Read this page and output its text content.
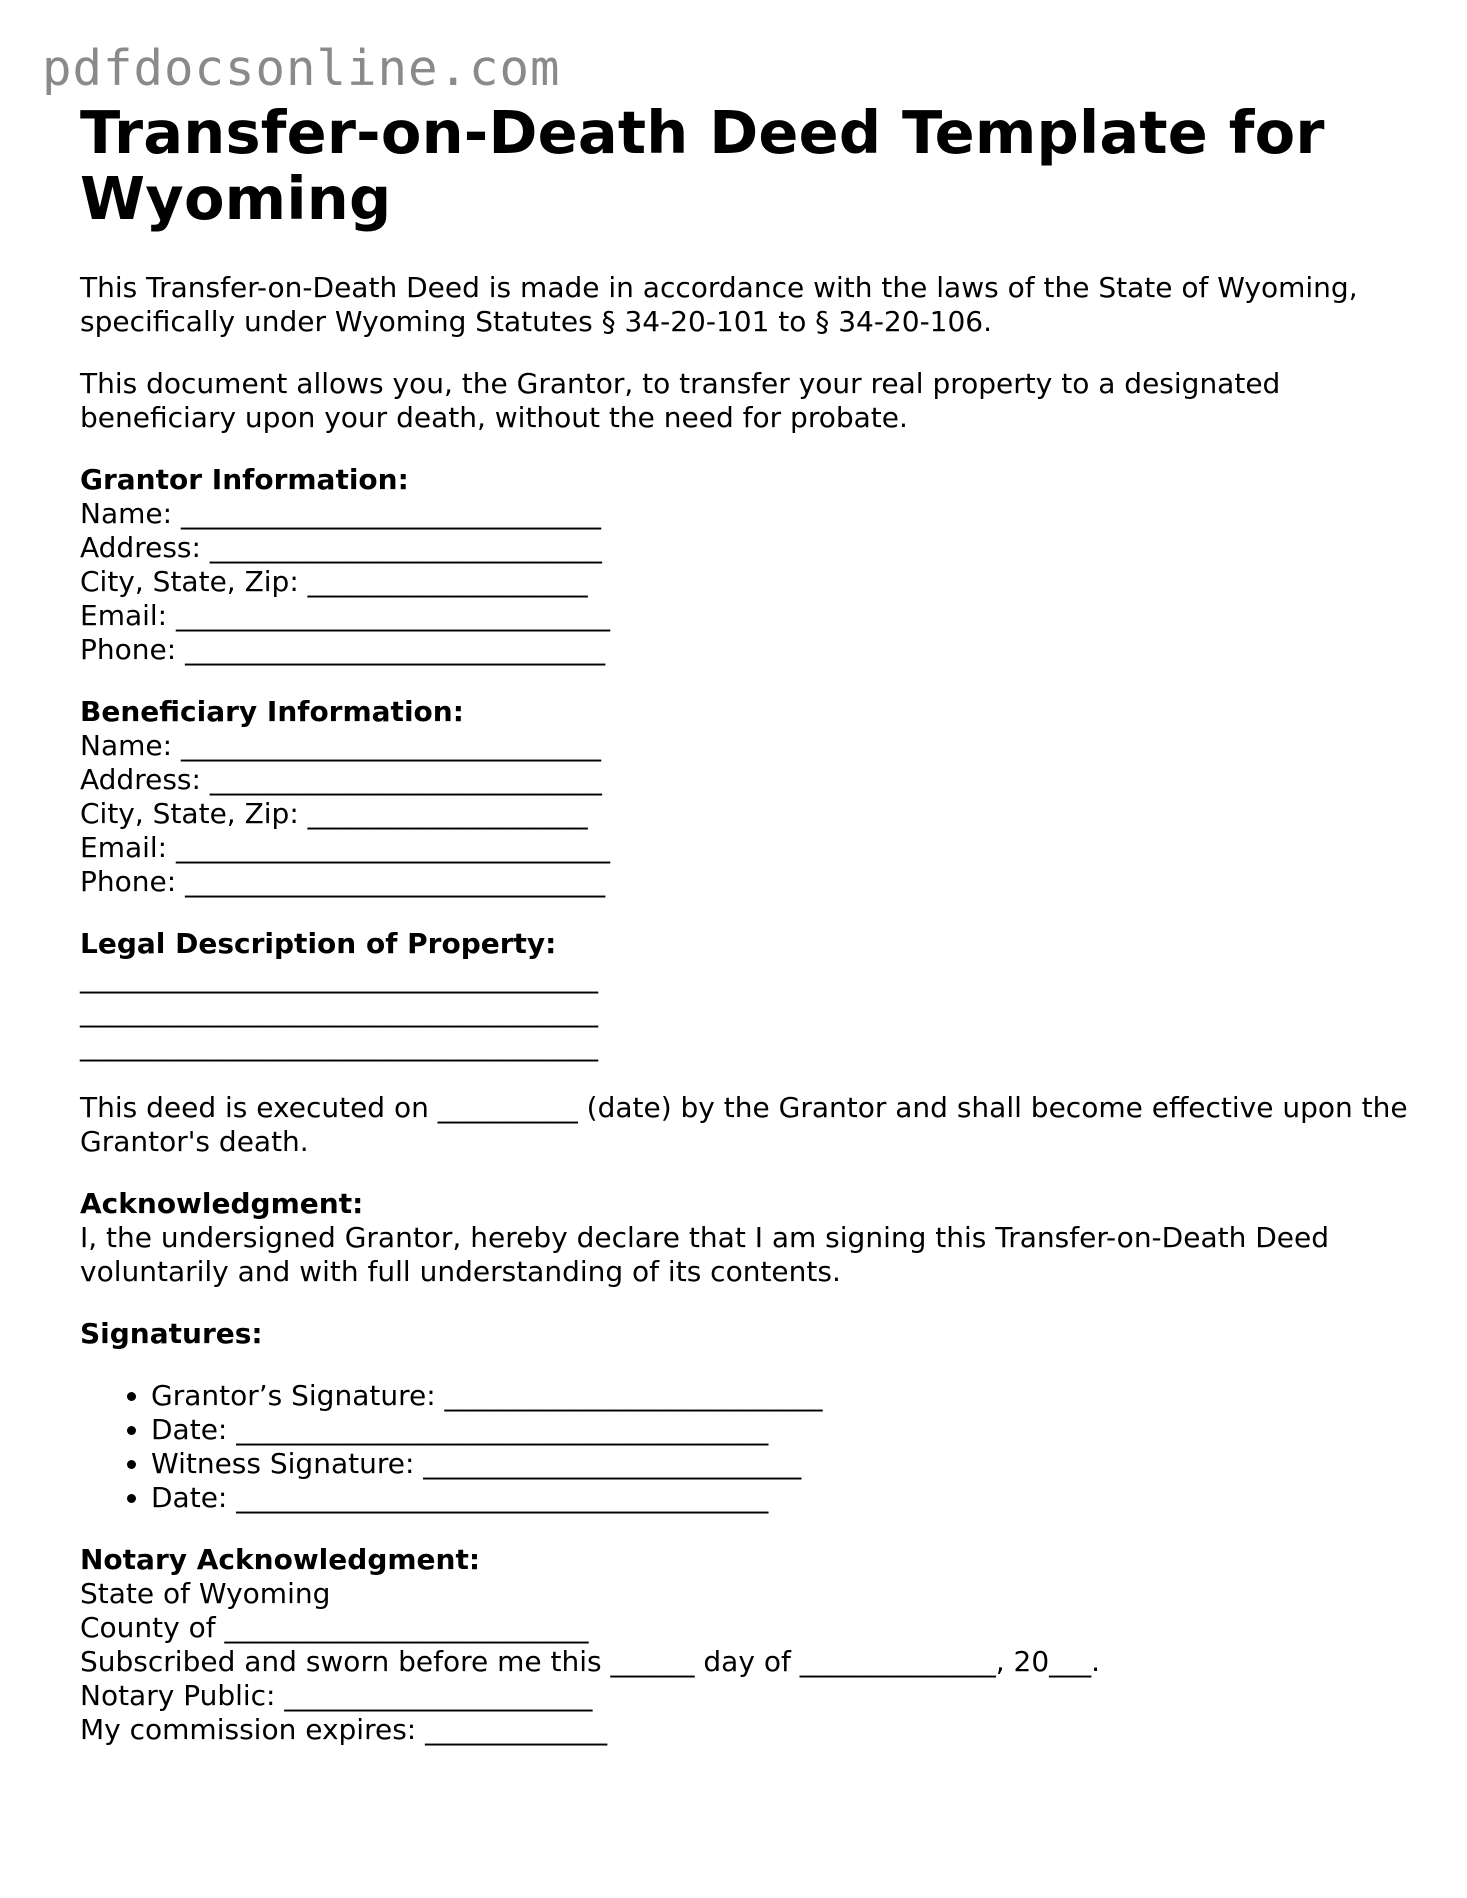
pdfdocsonline.com
Transfer-on-Death Deed Template for Wyoming

This Transfer-on-Death Deed is made in accordance with the laws of the State of Wyoming, specifically under Wyoming Statutes § 34-20-101 to § 34-20-106.

This document allows you, the Grantor, to transfer your real property to a designated beneficiary upon your death, without the need for probate.

Grantor Information:
Name: ______________________________
Address: ____________________________
City, State, Zip: ____________________
Email: _______________________________
Phone: ______________________________
Beneficiary Information:
Name: ______________________________
Address: ____________________________
City, State, Zip: ____________________
Email: _______________________________
Phone: ______________________________
Legal Description of Property:
_____________________________________
_____________________________________
_____________________________________

This deed is executed on __________ (date) by the Grantor and shall become effective upon the Grantor's death.

Acknowledgment:
I, the undersigned Grantor, hereby declare that I am signing this Transfer-on-Death Deed voluntarily and with full understanding of its contents.
Signatures:
• Grantor’s Signature: ___________________________
• Date: ______________________________________
• Witness Signature: ___________________________
• Date: ______________________________________
Notary Acknowledgment:
State of Wyoming
County of __________________________
Subscribed and sworn before me this ______ day of ______________, 20___.
Notary Public: ______________________
My commission expires: _____________
